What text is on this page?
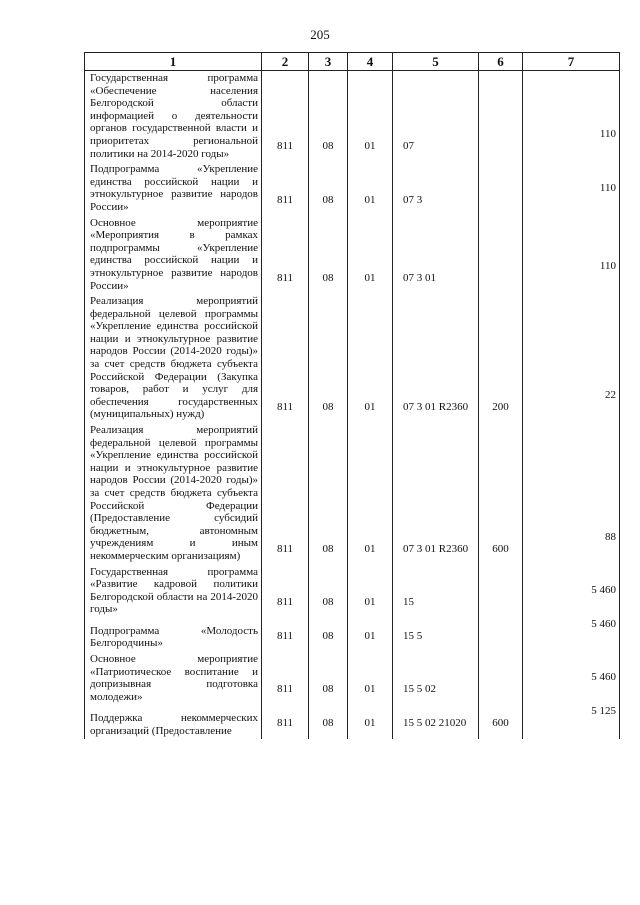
205
1	2	3	4	5	6	7
Государственная программа «Обеспечение населения Белгородской области информацией о деятельности органов государственной власти и приоритетах региональной политики на 2014-2020 годы»	811	08	01	07		110
Подпрограмма «Укрепление единства российской нации и этнокультурное развитие народов России»	811	08	01	07 3		110
Основное мероприятие «Мероприятия в рамках подпрограммы «Укрепление единства российской нации и этнокультурное развитие народов России»	811	08	01	07 3 01		110
Реализация мероприятий федеральной целевой программы «Укрепление единства российской нации и этнокультурное развитие народов России (2014-2020 годы)» за счет средств бюджета субъекта Российской Федерации (Закупка товаров, работ и услуг для обеспечения государственных (муниципальных) нужд)	811	08	01	07 3 01 R2360	200	22
Реализация мероприятий федеральной целевой программы «Укрепление единства российской нации и этнокультурное развитие народов России (2014-2020 годы)» за счет средств бюджета субъекта Российской Федерации (Предоставление субсидий бюджетным, автономным учреждениям и иным некоммерческим организациям)	811	08	01	07 3 01 R2360	600	88
Государственная программа «Развитие кадровой политики Белгородской области на 2014-2020 годы»	811	08	01	15		5 460
Подпрограмма «Молодость Белгородчины»	811	08	01	15 5		5 460
Основное мероприятие «Патриотическое воспитание и допризывная подготовка молодежи»	811	08	01	15 5 02		5 460
Поддержка некоммерческих организаций (Предоставление	811	08	01	15 5 02 21020	600	5 125
